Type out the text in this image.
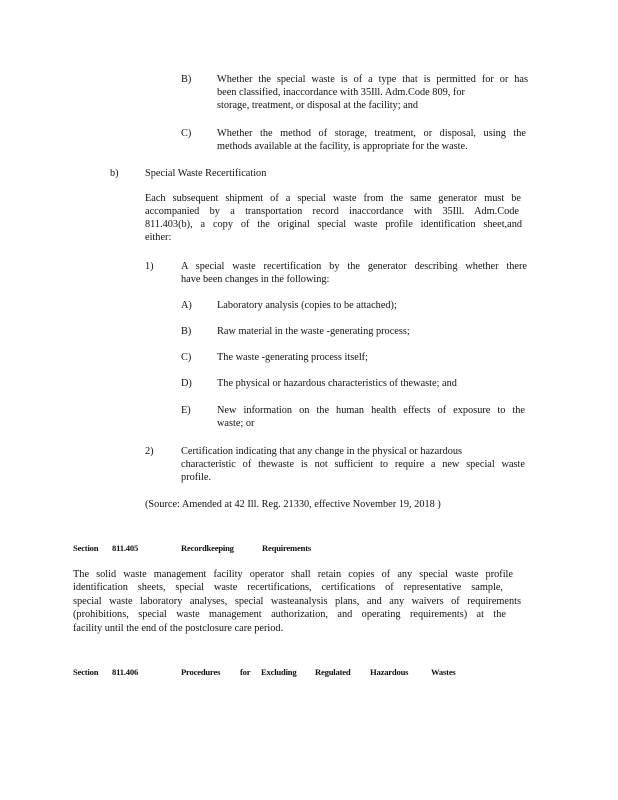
B) Whether the special waste is of a type that is permitted for or has
been classified, inaccordance with 35Ill. Adm.Code 809, for
storage, treatment, or disposal at the facility; and
C) Whether the method of storage, treatment, or disposal, using the
methods available at the facility, is appropriate for the waste.
b)	Special Waste Recertification
Each subsequent shipment of a special waste from the same generator must be
accompanied by a transportation record inaccordance with 35Ill. Adm.Code
811.403(b), a copy of the original special waste profile identification sheet,and
either:
1)	A special waste recertification by the generator describing whether there
have been changes in the following:
A) Laboratory analysis (copies to be attached);
B) Raw material in the waste -generating process;
C) The waste -generating process itself;
D) The physical or hazardous characteristics of thewaste; and
E)	New information on the human health effects of exposure to the
waste; or
2)	Certification indicating that any change in the physical or hazardous
characteristic of thewaste is not sufficient to require a new special waste
profile.
(Source: Amended at 42 Ill. Reg. 21330, effective November 19, 2018 )
Section 811.405	Recordkeeping	Requirements
The solid waste management facility operator shall retain copies of any special waste profile
identification sheets, special waste recertifications, certifications of representative sample,
special waste laboratory analyses, special wasteanalysis plans, and any waivers of requirements
(prohibitions, special waste management authorization, and operating requirements) at the
facility until the end of the postclosure care period.
Section 811.406	Procedures for Excluding Regulated Hazardous	Wastes
